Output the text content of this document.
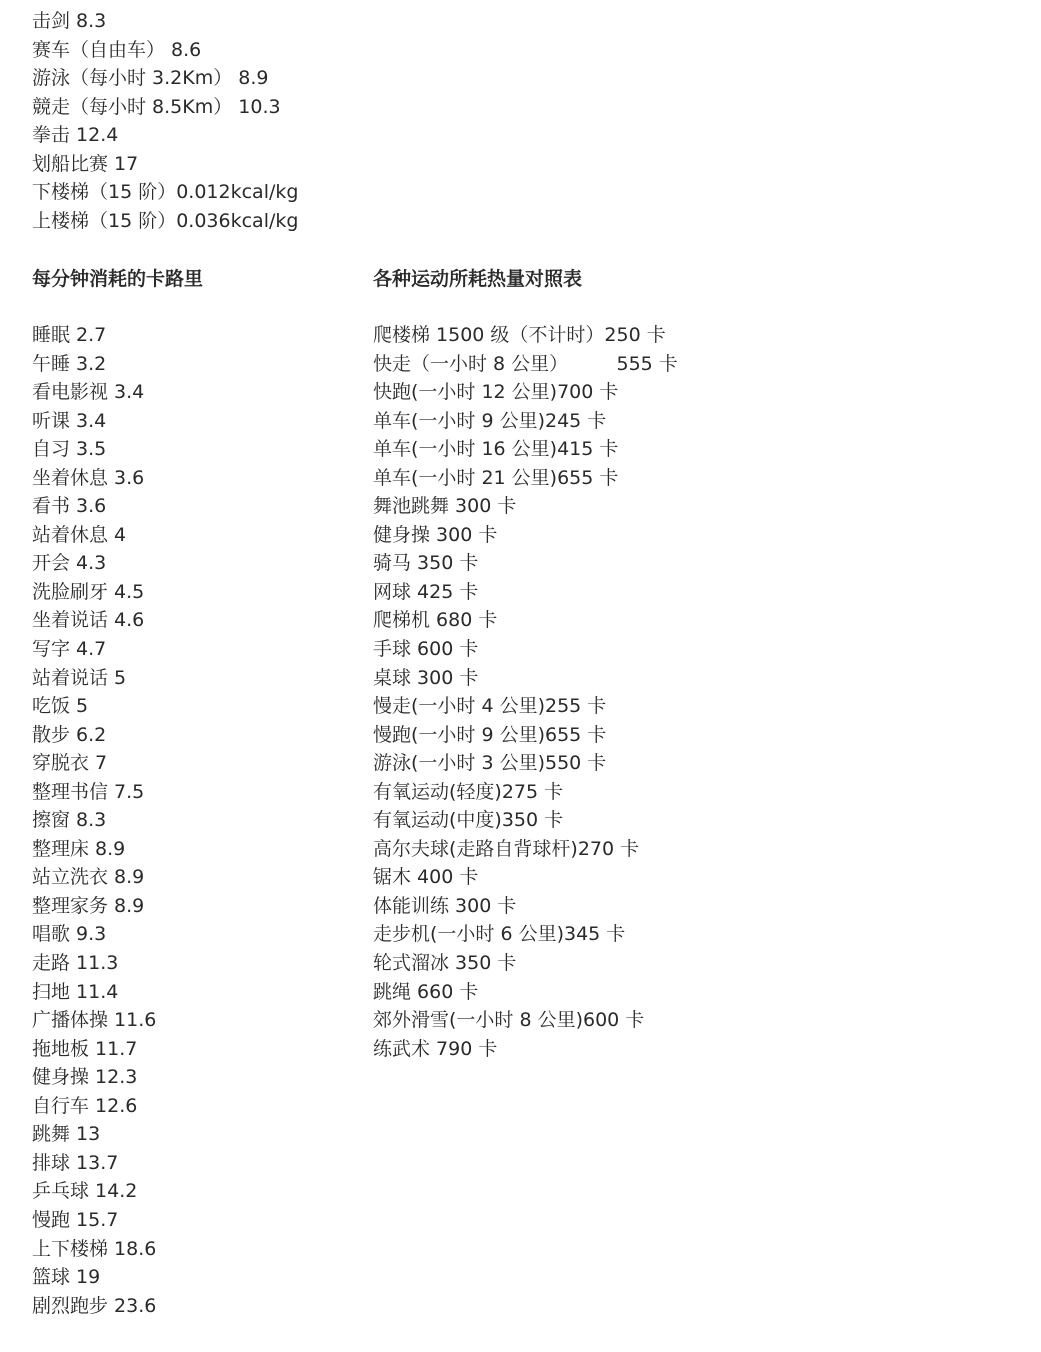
击剑 8.3
赛车（自由车） 8.6
游泳（每小时 3.2Km） 8.9
競走（每小时 8.5Km） 10.3
拳击 12.4
划船比赛 17
下楼梯（15 阶）0.012kcal/kg
上楼梯（15 阶）0.036kcal/kg
每分钟消耗的卡路里	各种运动所耗热量对照表
睡眠 2.7
午睡 3.2
看电影视 3.4
听课 3.4
自习 3.5
坐着休息 3.6
看书 3.6
站着休息 4
开会 4.3
洗脸刷牙 4.5
坐着说话 4.6
写字 4.7
站着说话 5
吃饭 5
散步 6.2
穿脱衣 7
整理书信 7.5
擦窗 8.3
整理床 8.9
站立洗衣 8.9
整理家务 8.9
唱歌 9.3
走路 11.3
扫地 11.4
广播体操 11.6
拖地板 11.7
健身操 12.3
自行车 12.6
跳舞 13
排球 13.7
乒乓球 14.2
慢跑 15.7
上下楼梯 18.6
篮球 19
剧烈跑步 23.6
爬楼梯 1500 级（不计时）250 卡
快走（一小时 8 公里）        555 卡
快跑(一小时 12 公里)700 卡
单车(一小时 9 公里)245 卡
单车(一小时 16 公里)415 卡
单车(一小时 21 公里)655 卡
舞池跳舞 300 卡
健身操 300 卡
骑马 350 卡
网球 425 卡
爬梯机 680 卡
手球 600 卡
桌球 300 卡
慢走(一小时 4 公里)255 卡
慢跑(一小时 9 公里)655 卡
游泳(一小时 3 公里)550 卡
有氧运动(轻度)275 卡
有氧运动(中度)350 卡
高尔夫球(走路自背球杆)270 卡
锯木 400 卡
体能训练 300 卡
走步机(一小时 6 公里)345 卡
轮式溜冰 350 卡
跳绳 660 卡
郊外滑雪(一小时 8 公里)600 卡
练武术 790 卡
